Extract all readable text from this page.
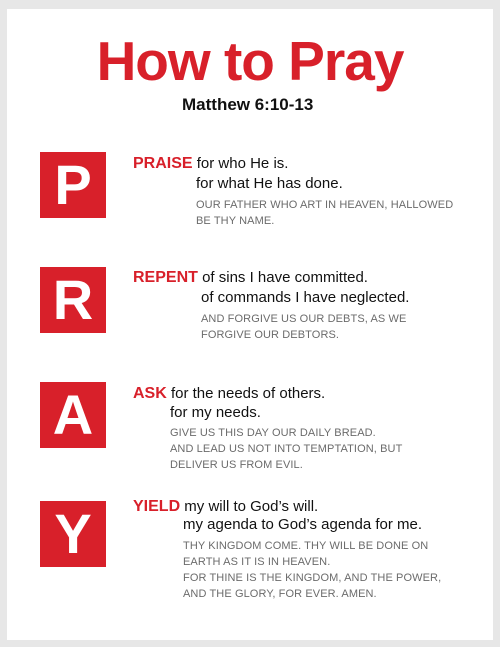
How to Pray
Matthew 6:10-13
P	PRAISE for who He is.
for what He has done.
OUR FATHER WHO ART IN HEAVEN, HALLOWED
BE THY NAME.
R	REPENT of sins I have committed.
of commands I have neglected.
AND FORGIVE US OUR DEBTS, AS WE
FORGIVE OUR DEBTORS.
A	ASK for the needs of others.
for my needs.
GIVE US THIS DAY OUR DAILY BREAD.
AND LEAD US NOT INTO TEMPTATION, BUT
DELIVER US FROM EVIL.
Y	YIELD my will to God’s will.
my agenda to God’s agenda for me.
THY KINGDOM COME. THY WILL BE DONE ON
EARTH AS IT IS IN HEAVEN.
FOR THINE IS THE KINGDOM, AND THE POWER,
AND THE GLORY, FOR EVER. AMEN.
